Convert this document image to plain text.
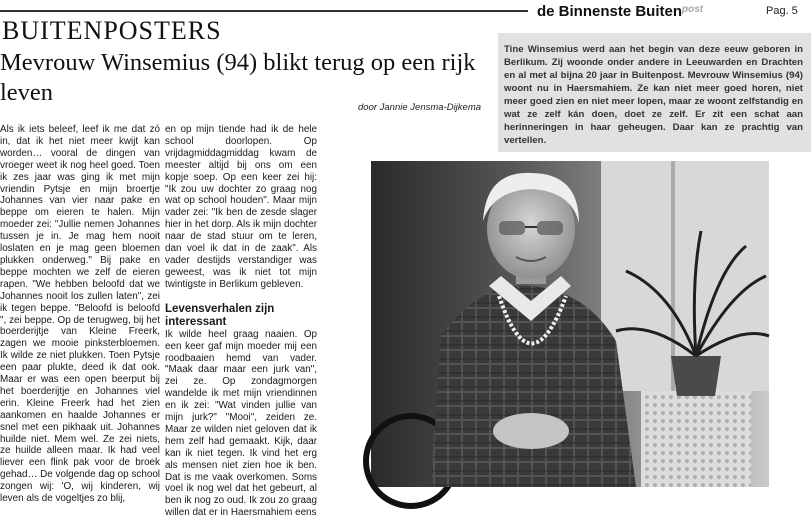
de Binnenste Buiten$^{post}$	Pag. 5
BUITENPOSTERS
Mevrouw Winsemius (94) blikt terug op een rijk leven
door Jannie Jensma-Dijkema

Tine Winsemius werd aan het begin van deze eeuw geboren in Berlikum. Zij woonde onder andere in Leeuwarden en Drachten en al met al bijna 20 jaar in Buitenpost. Mevrouw Winsemius (94) woont nu in Haersmahiem. Ze kan niet meer goed horen, niet meer goed zien en niet meer lopen, maar ze woont zelfstandig en wat ze zelf kán doen, doet ze zelf. Er zit een schat aan herinneringen in haar geheugen. Daar kan ze prachtig van vertellen.

Als ik iets beleef, leef ik me dat zó in, dat ik het niet meer kwijt kan worden… vooral de dingen van vroeger weet ik nog heel goed. Toen ik zes jaar was ging ik met mijn vriendin Pytsje en mijn broertje Johannes van vier naar pake en beppe om eieren te halen. Mijn moeder zei: "Jullie nemen Johannes tussen je in. Je mag hem nooit loslaten en je mag geen bloemen plukken onderweg." Bij pake en beppe mochten we zelf de eieren rapen. "We hebben beloofd dat we Johannes nooit los zullen laten", zei ik tegen beppe. "Beloofd is beloofd ", zei beppe. Op de terugweg, bij het boerderijtje van Kleine Freerk, zagen we mooie pinksterbloemen. Ik wilde ze niet plukken. Toen Pytsje een paar plukte, deed ik dat ook. Maar er was een open beerput bij het boerderijtje en Johannes viel erin. Kleine Freerk had het zien aankomen en haalde Johannes er snel met een pikhaak uit. Johannes huilde niet. Mem wel. Ze zei niets, ze huilde alleen maar. Ik had veel liever een flink pak voor de broek gehad… De volgende dag op school zongen wij: 'O, wij kinderen, wij leven als de vogeltjes zo blij,

en op mijn tiende had ik de hele school doorlopen. Op vrijdagmiddagmiddag kwam de meester altijd bij ons om een kopje soep. Op een keer zei hij: "Ik zou uw dochter zo graag nog wat op school houden". Maar mijn vader zei: "Ik ben de zesde slager hier in het dorp. Als ik mijn dochter naar de stad stuur om te leren, dan voel ik dat in de zaak". Als vader destijds verstandiger was geweest, was ik niet tot mijn twintigste in Berlikum gebleven.

Levensverhalen zijn interessant

Ik wilde heel graag naaien. Op een keer gaf mijn moeder mij een roodbaaien hemd van vader. "Maak daar maar een jurk van", zei ze. Op zondagmorgen wandelde ik met mijn vriendinnen en ik zei: "Wat vinden jullie van mijn jurk?" "Mooi", zeiden ze. Maar ze wilden niet geloven dat ik hem zelf had gemaakt. Kijk, daar kan ik niet tegen. Ik vind het erg als mensen niet zien hoe ik ben. Dat is me vaak overkomen. Soms voel ik nog wel dat het gebeurt, al ben ik nog zo oud. Ik zou zo graag willen dat er in Haersmahiem eens
